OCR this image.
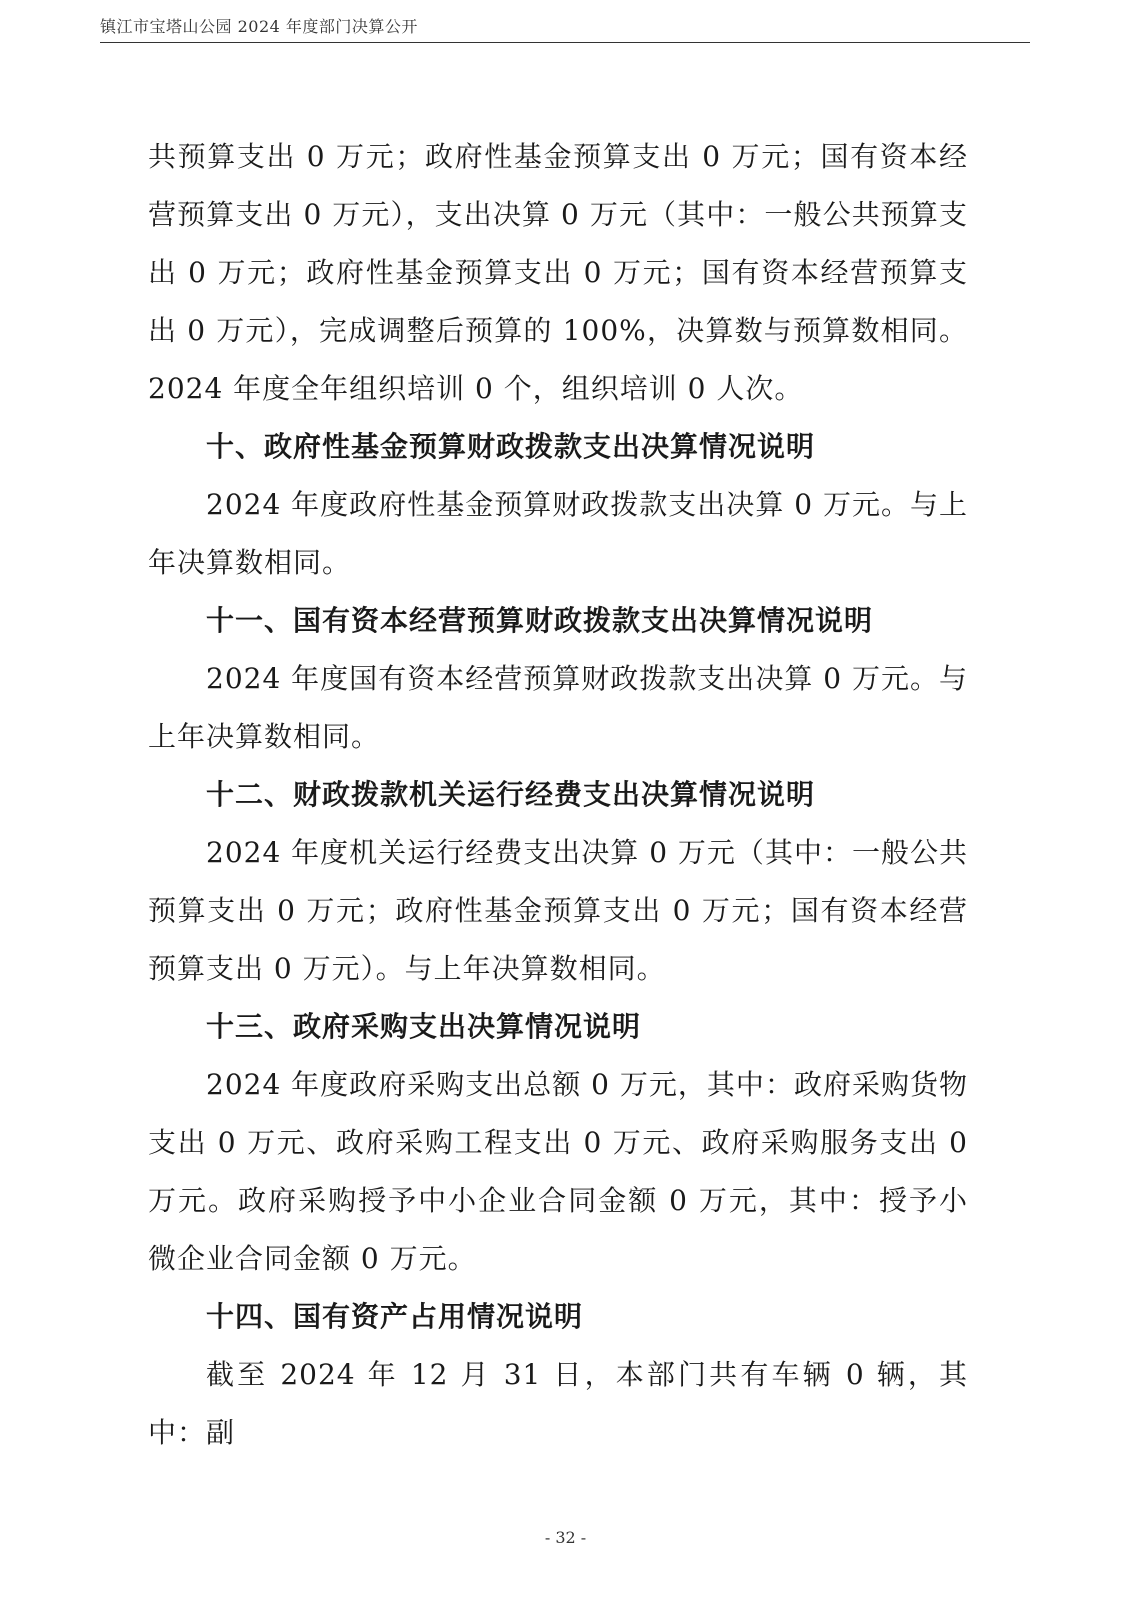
镇江市宝塔山公园 2024 年度部门决算公开

共预算支出 0 万元；政府性基金预算支出 0 万元；国有资本经营预算支出 0 万元），支出决算 0 万元（其中：一般公共预算支出 0 万元；政府性基金预算支出 0 万元；国有资本经营预算支出 0 万元），完成调整后预算的 100%，决算数与预算数相同。2024 年度全年组织培训 0 个，组织培训 0 人次。

十、政府性基金预算财政拨款支出决算情况说明

2024 年度政府性基金预算财政拨款支出决算 0 万元。与上年决算数相同。

十一、国有资本经营预算财政拨款支出决算情况说明

2024 年度国有资本经营预算财政拨款支出决算 0 万元。与上年决算数相同。

十二、财政拨款机关运行经费支出决算情况说明

2024 年度机关运行经费支出决算 0 万元（其中：一般公共预算支出 0 万元；政府性基金预算支出 0 万元；国有资本经营预算支出 0 万元）。与上年决算数相同。

十三、政府采购支出决算情况说明

2024 年度政府采购支出总额 0 万元，其中：政府采购货物支出 0 万元、政府采购工程支出 0 万元、政府采购服务支出 0 万元。政府采购授予中小企业合同金额 0 万元，其中：授予小微企业合同金额 0 万元。

十四、国有资产占用情况说明

截至 2024 年 12 月 31 日，本部门共有车辆 0 辆，其中：副

- 32 -
